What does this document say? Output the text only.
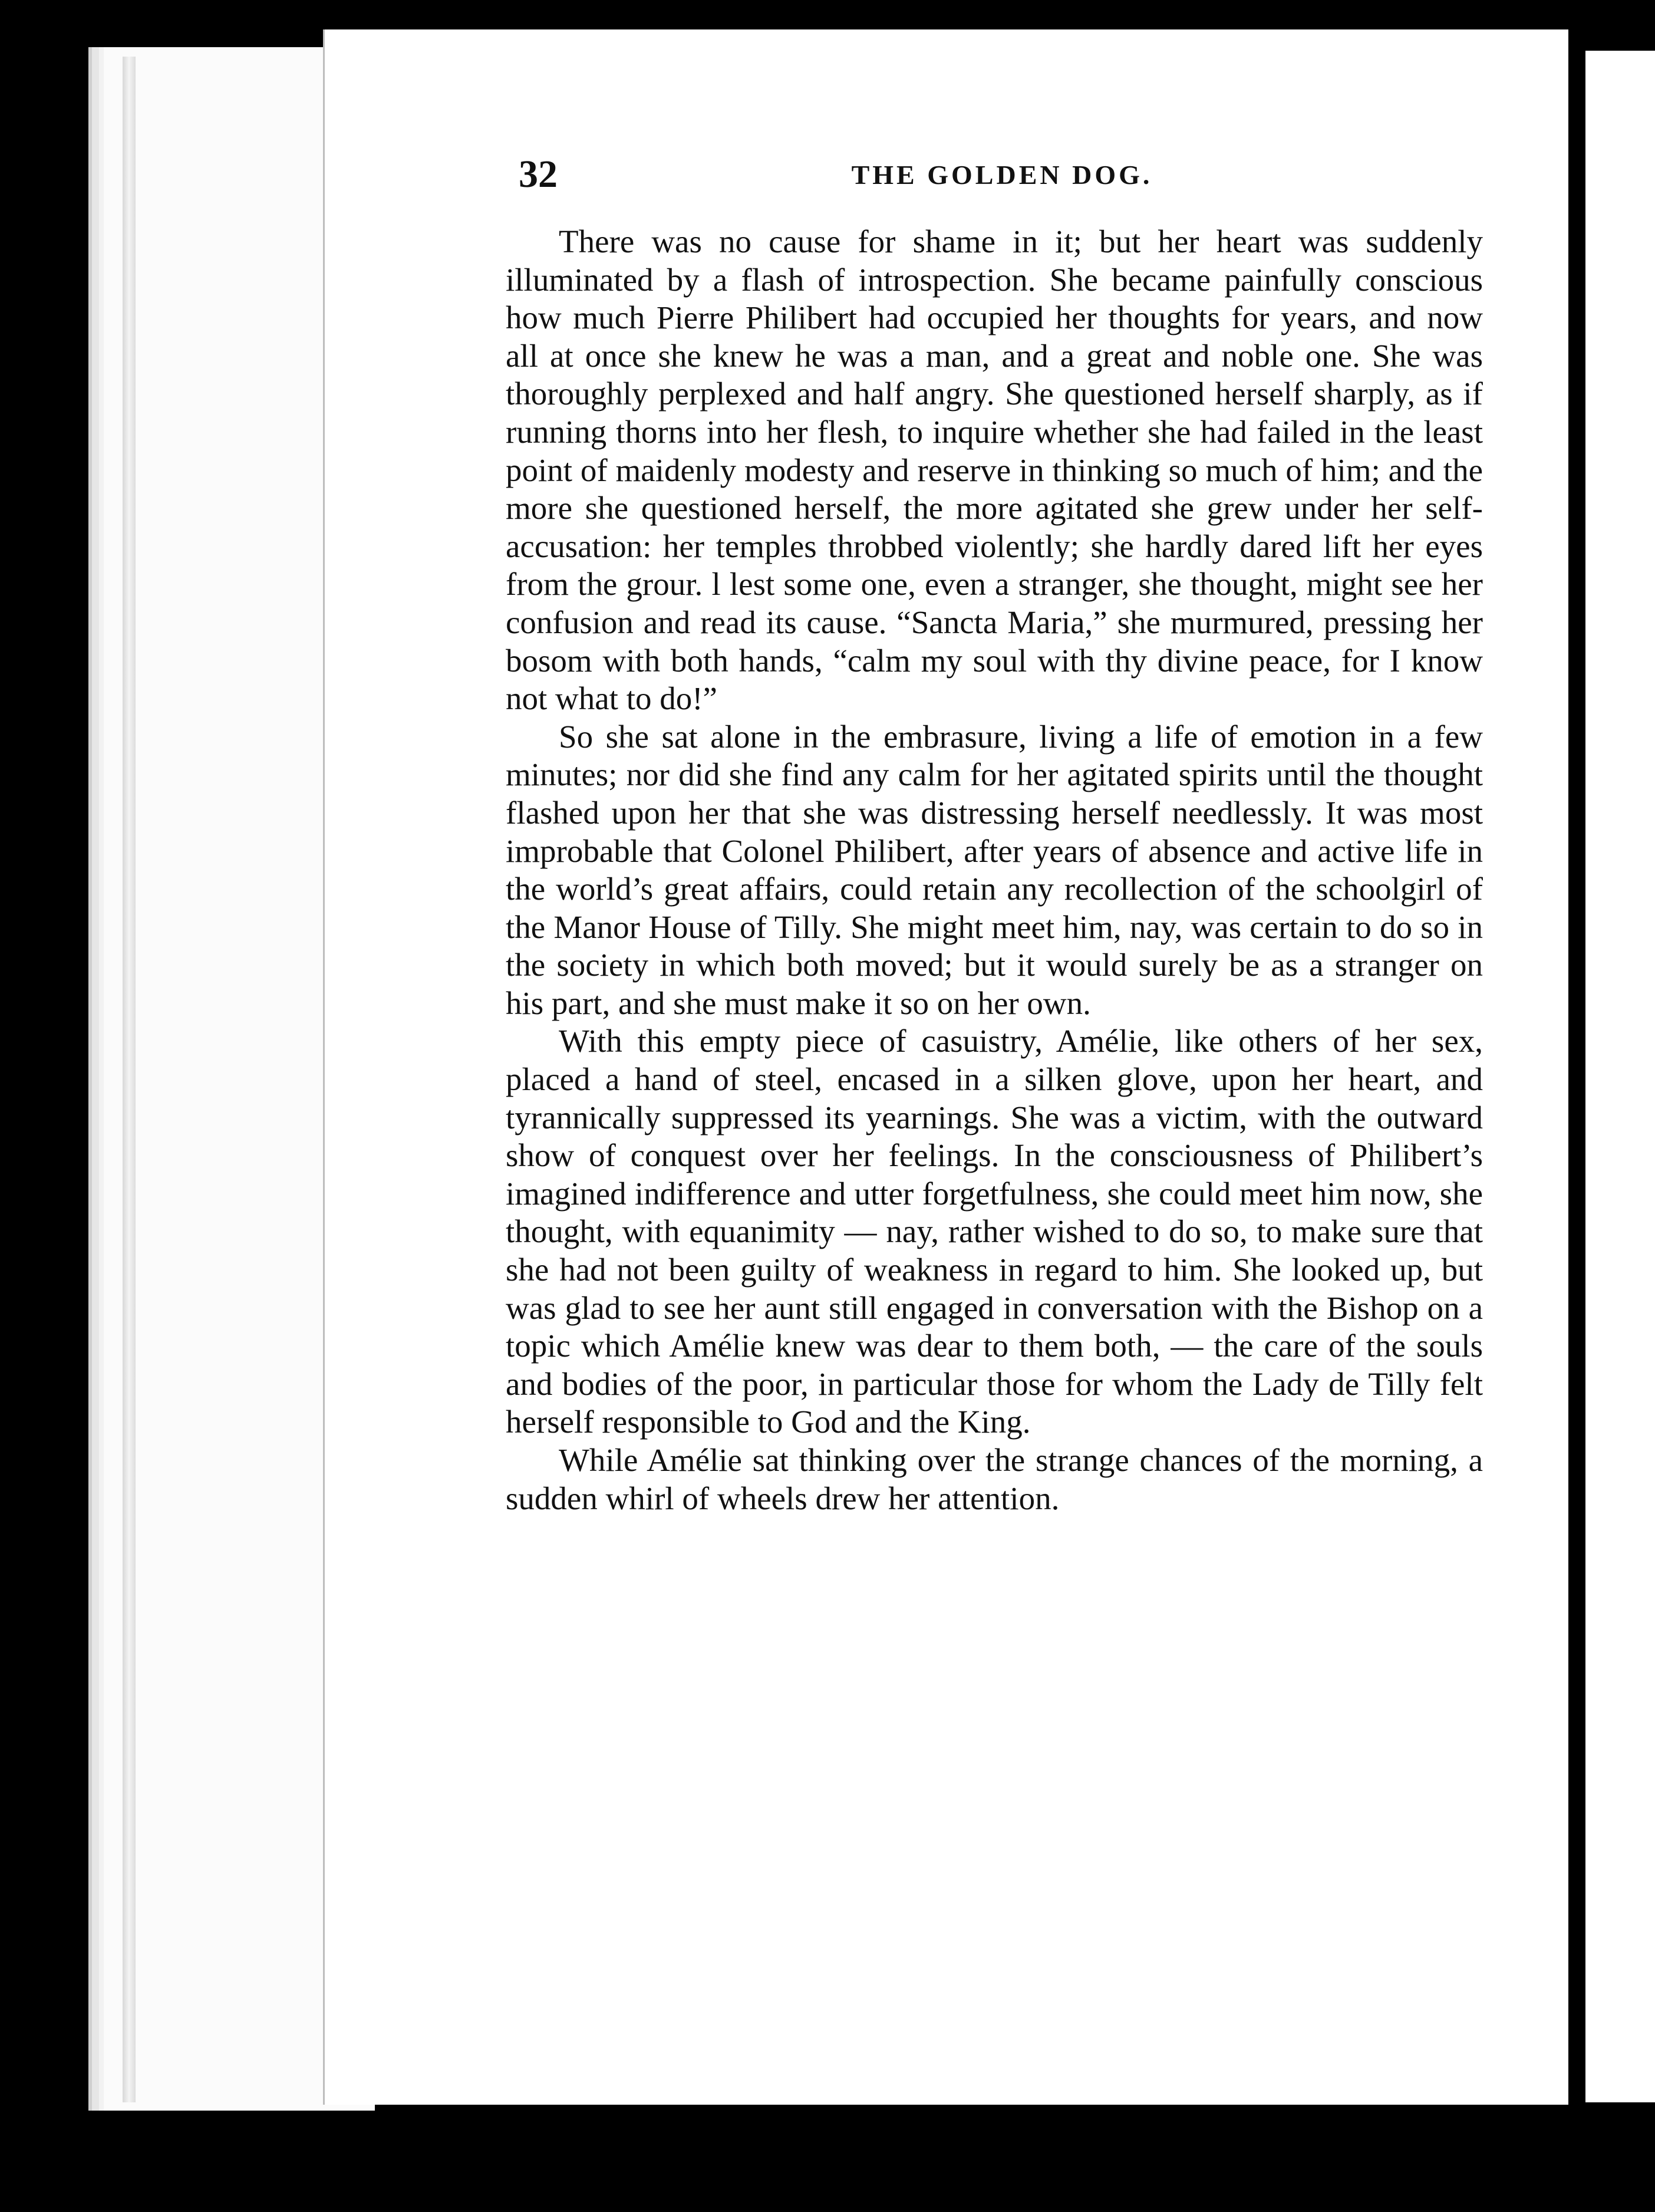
32	THE GOLDEN DOG.

There was no cause for shame in it; but her heart was suddenly illuminated by a flash of introspection. She became painfully conscious how much Pierre Philibert had occupied her thoughts for years, and now all at once she knew he was a man, and a great and noble one. She was thoroughly perplexed and half angry. She questioned herself sharply, as if running thorns into her flesh, to inquire whether she had failed in the least point of maidenly modesty and reserve in thinking so much of him; and the more she questioned herself, the more agitated she grew under her self-accusation: her temples throbbed violently; she hardly dared lift her eyes from the grour. l lest some one, even a stranger, she thought, might see her confusion and read its cause. “Sancta Maria,” she murmured, pressing her bosom with both hands, “calm my soul with thy divine peace, for I know not what to do!”

So she sat alone in the embrasure, living a life of emotion in a few minutes; nor did she find any calm for her agitated spirits until the thought flashed upon her that she was distressing herself needlessly. It was most improbable that Colonel Philibert, after years of absence and active life in the world’s great affairs, could retain any recollection of the schoolgirl of the Manor House of Tilly. She might meet him, nay, was certain to do so in the society in which both moved; but it would surely be as a stranger on his part, and she must make it so on her own.

With this empty piece of casuistry, Amélie, like others of her sex, placed a hand of steel, encased in a silken glove, upon her heart, and tyrannically suppressed its yearnings. She was a victim, with the outward show of conquest over her feelings. In the consciousness of Philibert’s imagined indifference and utter forgetfulness, she could meet him now, she thought, with equanimity — nay, rather wished to do so, to make sure that she had not been guilty of weakness in regard to him. She looked up, but was glad to see her aunt still engaged in conversation with the Bishop on a topic which Amélie knew was dear to them both, — the care of the souls and bodies of the poor, in particular those for whom the Lady de Tilly felt herself responsible to God and the King.

While Amélie sat thinking over the strange chances of the morning, a sudden whirl of wheels drew her attention.
